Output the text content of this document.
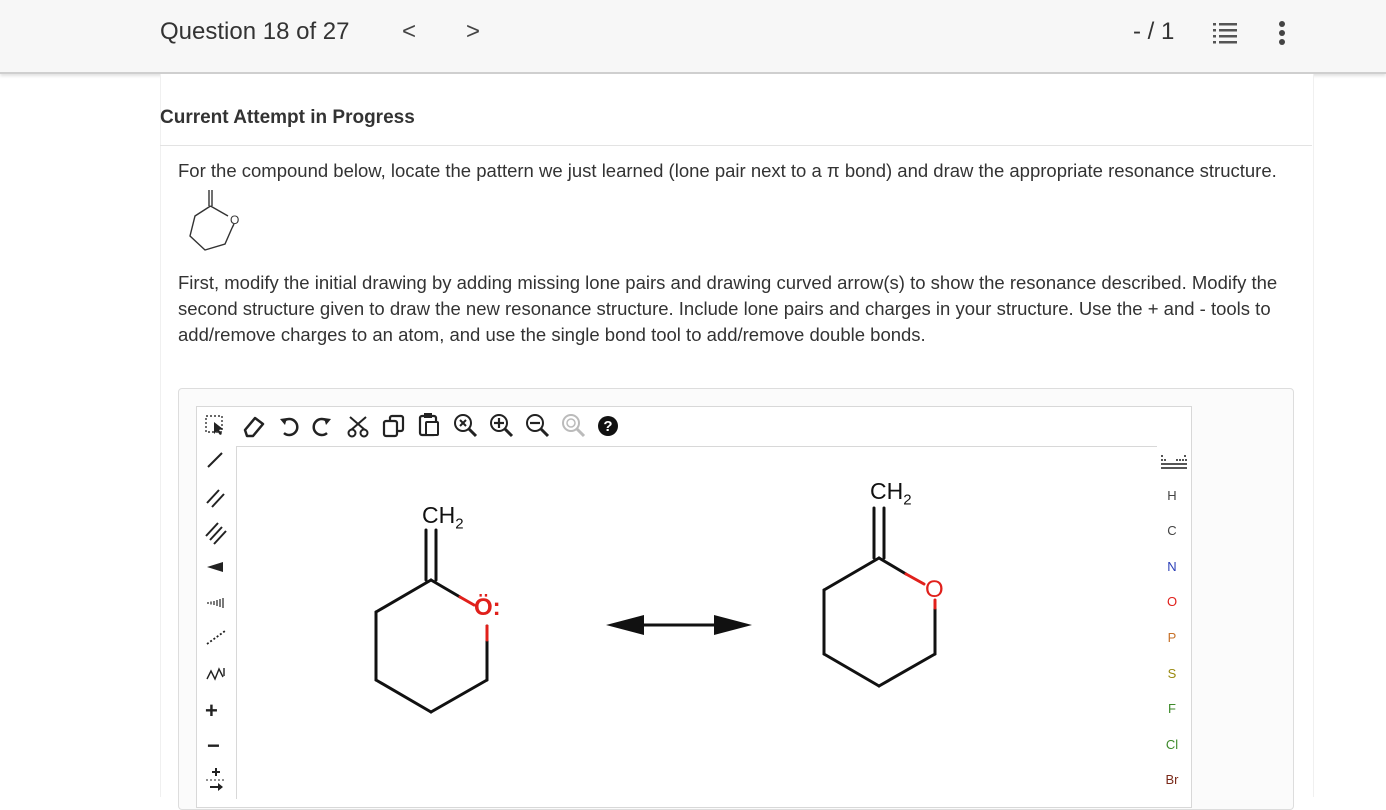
Question 18 of 27 < >	- / 1
Current Attempt in Progress
For the compound below, locate the pattern we just learned (lone pair next to a π bond) and draw the appropriate resonance structure.
O
First, modify the initial drawing by adding missing lone pairs and drawing curved arrow(s) to show the resonance described. Modify the second structure given to draw the new resonance structure. Include lone pairs and charges in your structure. Use the + and - tools to add/remove charges to an atom, and use the single bond tool to add/remove double bonds.
?
+
−
$CH_2$
Ö:
$CH_2$
O
H
C
N
O
P
S
F
Cl
Br
